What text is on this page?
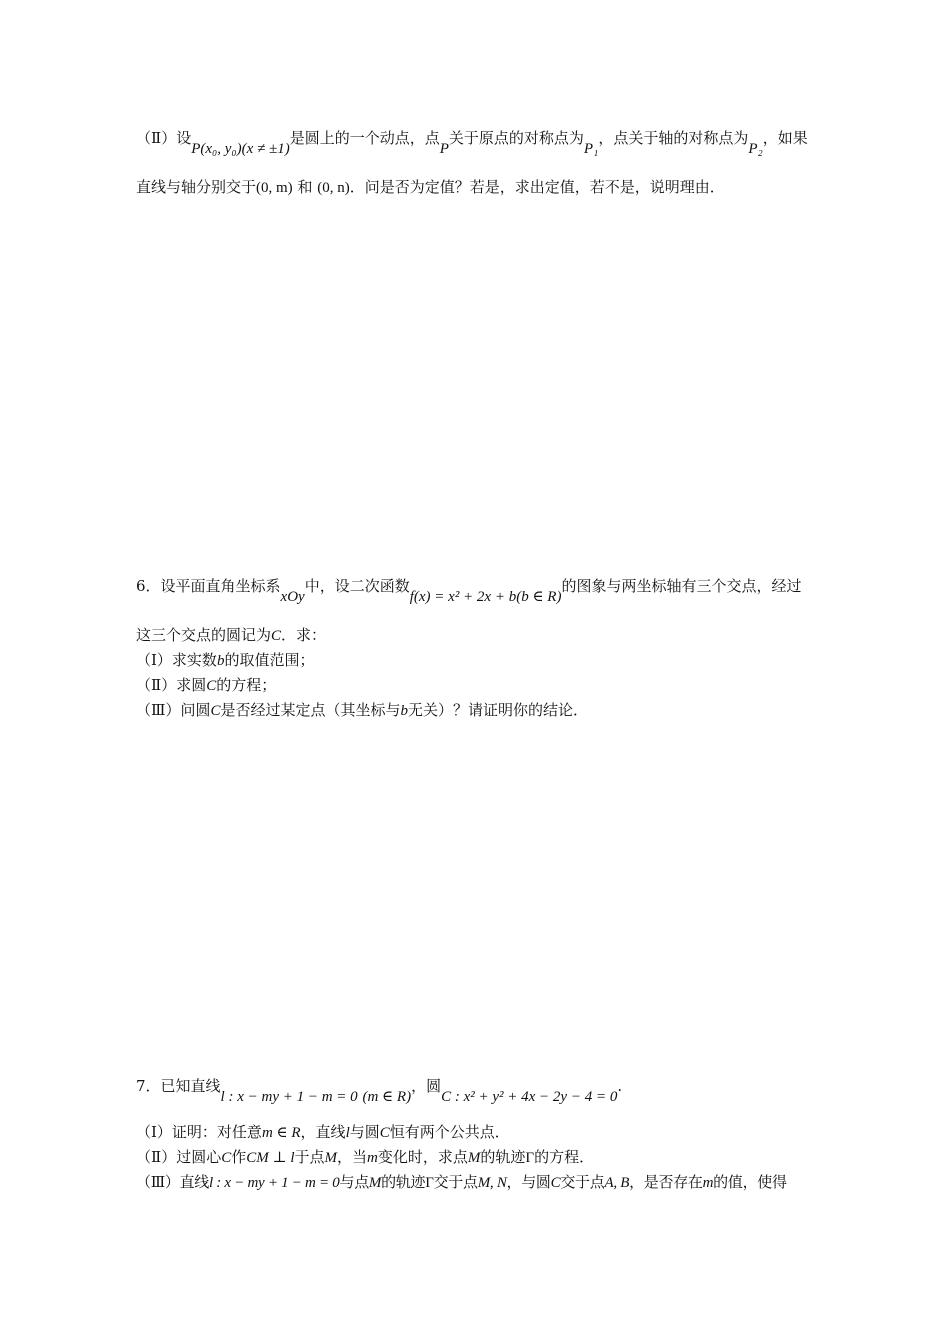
（Ⅱ）设P(x₀, y₀)(x ≠ ±1)是圆上的一个动点，点P关于原点的对称点为P₁，点关于轴的对称点为P₂，如果
直线与轴分别交于(0, m) 和 (0, n)．问是否为定值？若是，求出定值，若不是，说明理由．
6．设平面直角坐标系xOy中，设二次函数f(x) = x² + 2x + b(b ∈ R)的图象与两坐标轴有三个交点，经过
这三个交点的圆记为C．求：
（Ⅰ）求实数b的取值范围；
（Ⅱ）求圆C的方程；
（Ⅲ）问圆C是否经过某定点（其坐标与b无关）？请证明你的结论．
7．已知直线l : x − my + 1 − m = 0 (m ∈ R)，圆C : x² + y² + 4x − 2y − 4 = 0.
（Ⅰ）证明：对任意m ∈ R，直线l与圆C恒有两个公共点．
（Ⅱ）过圆心C作CM ⊥ l于点M，当m变化时，求点M的轨迹Γ的方程．
（Ⅲ）直线l : x − my + 1 − m = 0与点M的轨迹Γ交于点M, N，与圆C交于点A, B，是否存在m的值，使得
